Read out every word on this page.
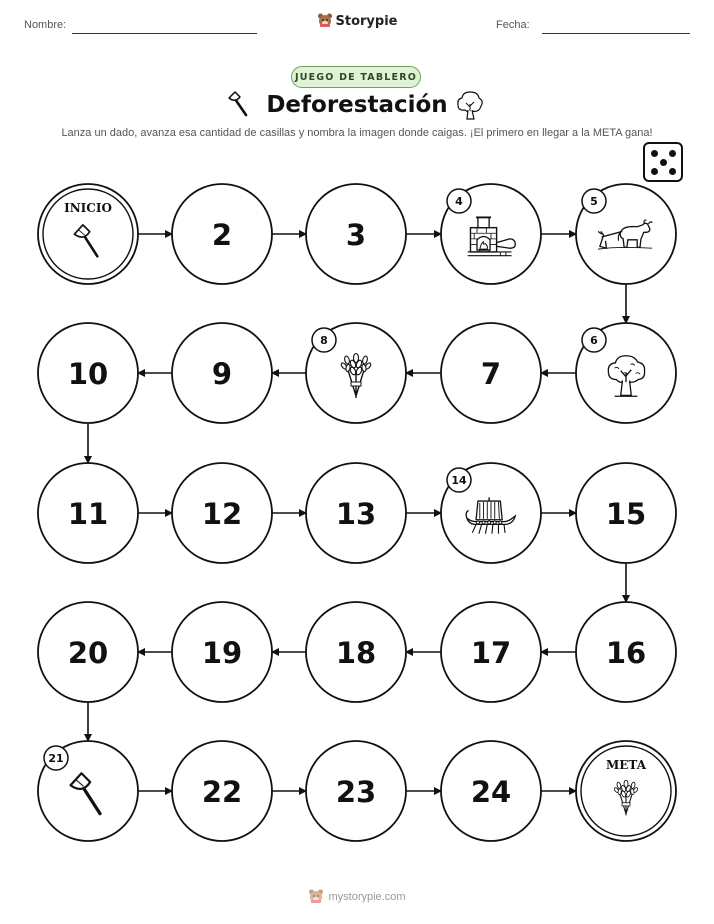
Nombre:	Storypie	Fecha:
JUEGO DE TABLERO
Deforestación
Lanza un dado, avanza esa cantidad de casillas y nombra la imagen donde caigas. ¡El primero en llegar a la META gana!
INICIO
2	3
4	5
6
7
8
9
10
11	12	13
14
15
16
17
18
19
20
21
22	23	24
META
mystorypie.com
